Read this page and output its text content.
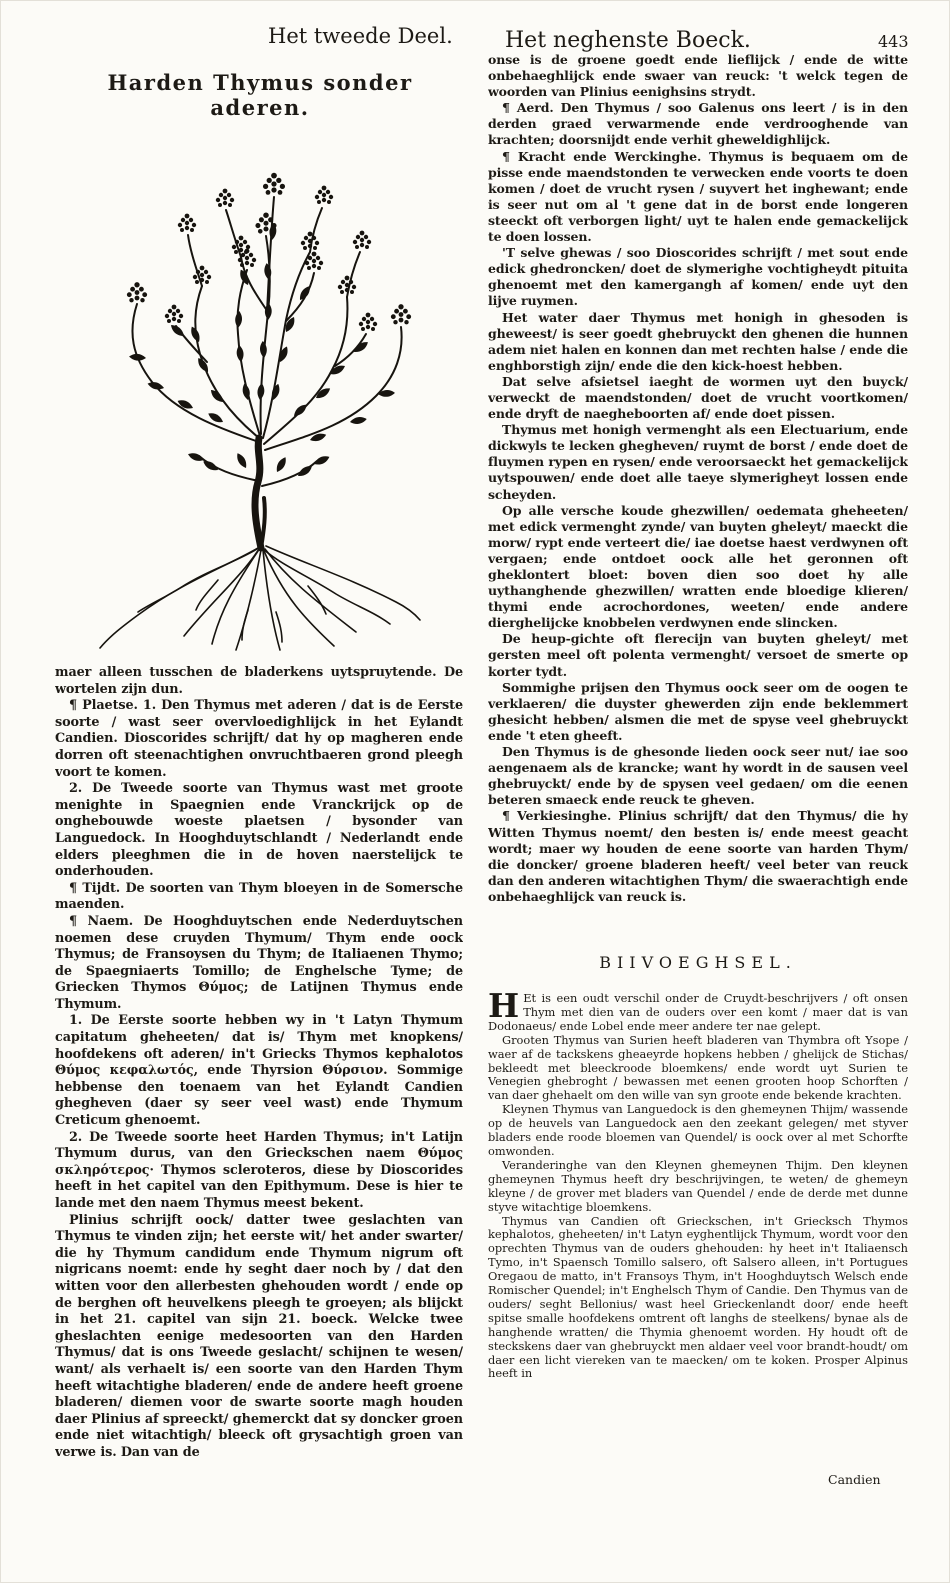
Het tweede Deel. Het neghenste Boeck.	443
Harden Thymus sonder aderen.

maer alleen tusschen de bladerkens uytspruytende. De wortelen zijn dun.

¶ Plaetse. 1. Den Thymus met aderen / dat is de Eerste soorte / wast seer overvloedighlijck in het Eylandt Candien. Dioscorides schrijft/ dat hy op magheren ende dorren oft steenachtighen onvruchtbaeren grond pleegh voort te komen.

2. De Tweede soorte van Thymus wast met groote menighte in Spaegnien ende Vranckrijck op de onghebouwde woeste plaetsen / bysonder van Languedock. In Hooghduytschlandt / Nederlandt ende elders pleeghmen die in de hoven naerstelijck te onderhouden.

¶ Tijdt. De soorten van Thym bloeyen in de Somersche maenden.

¶ Naem. De Hooghduytschen ende Nederduytschen noemen dese cruyden Thymum/ Thym ende oock Thymus; de Fransoysen du Thym; de Italiaenen Thymo; de Spaegniaerts Tomillo; de Enghelsche Tyme; de Griecken Thymos Θύμος; de Latijnen Thymus ende Thymum.

1. De Eerste soorte hebben wy in 't Latyn Thymum capitatum gheheeten/ dat is/ Thym met knopkens/ hoofdekens oft aderen/ in't Griecks Thymos kephalotos Θύμος κεφαλωτός, ende Thyrsion Θύρσιον. Sommige hebbense den toenaem van het Eylandt Candien ghegheven (daer sy seer veel wast) ende Thymum Creticum ghenoemt.

2. De Tweede soorte heet Harden Thymus; in't Latijn Thymum durus, van den Grieckschen naem Θύμος σκληρότερος· Thymos scleroteros, diese by Dioscorides heeft in het capitel van den Epithymum. Dese is hier te lande met den naem Thymus meest bekent.

Plinius schrijft oock/ datter twee geslachten van Thymus te vinden zijn; het eerste wit/ het ander swarter/ die hy Thymum candidum ende Thymum nigrum oft nigricans noemt: ende hy seght daer noch by / dat den witten voor den allerbesten ghehouden wordt / ende op de berghen oft heuvelkens pleegh te groeyen; als blijckt in het 21. capitel van sijn 21. boeck. Welcke twee gheslachten eenige medesoorten van den Harden Thymus/ dat is ons Tweede geslacht/ schijnen te wesen/ want/ als verhaelt is/ een soorte van den Harden Thym heeft witachtighe bladeren/ ende de andere heeft groene bladeren/ diemen voor de swarte soorte magh houden daer Plinius af spreeckt/ ghemerckt dat sy doncker groen ende niet witachtigh/ bleeck oft grysachtigh groen van verwe is. Dan van de

onse is de groene goedt ende lieflijck / ende de witte onbehaeghlijck ende swaer van reuck: 't welck tegen de woorden van Plinius eenighsins strydt.

¶ Aerd. Den Thymus / soo Galenus ons leert / is in den derden graed verwarmende ende verdrooghende van krachten; doorsnijdt ende verhit gheweldighlijck.

¶ Kracht ende Werckinghe. Thymus is bequaem om de pisse ende maendstonden te verwecken ende voorts te doen komen / doet de vrucht rysen / suyvert het inghewant; ende is seer nut om al 't gene dat in de borst ende longeren steeckt oft verborgen light/ uyt te halen ende gemackelijck te doen lossen.

'T selve ghewas / soo Dioscorides schrijft / met sout ende edick ghedroncken/ doet de slymerighe vochtigheydt pituita ghenoemt met den kamergangh af komen/ ende uyt den lijve ruymen.

Het water daer Thymus met honigh in ghesoden is gheweest/ is seer goedt ghebruyckt den ghenen die hunnen adem niet halen en konnen dan met rechten halse / ende die enghborstigh zijn/ ende die den kick-hoest hebben.

Dat selve afsietsel iaeght de wormen uyt den buyck/ verweckt de maendstonden/ doet de vrucht voortkomen/ ende dryft de naegheboorten af/ ende doet pissen.

Thymus met honigh vermenght als een Electuarium, ende dickwyls te lecken ghegheven/ ruymt de borst / ende doet de fluymen rypen en rysen/ ende veroorsaeckt het gemackelijck uytspouwen/ ende doet alle taeye slymerigheyt lossen ende scheyden.

Op alle versche koude ghezwillen/ oedemata gheheeten/ met edick vermenght zynde/ van buyten gheleyt/ maeckt die morw/ rypt ende verteert die/ iae doetse haest verdwynen oft vergaen; ende ontdoet oock alle het geronnen oft gheklontert bloet: boven dien soo doet hy alle uythanghende ghezwillen/ wratten ende bloedige klieren/ thymi ende acrochordones, weeten/ ende andere dierghelijcke knobbelen verdwynen ende slincken.

De heup-gichte oft flerecijn van buyten gheleyt/ met gersten meel oft polenta vermenght/ versoet de smerte op korter tydt.

Sommighe prijsen den Thymus oock seer om de oogen te verklaeren/ die duyster ghewerden zijn ende beklemmert ghesicht hebben/ alsmen die met de spyse veel ghebruyckt ende 't eten gheeft.

Den Thymus is de ghesonde lieden oock seer nut/ iae soo aengenaem als de krancke; want hy wordt in de sausen veel ghebruyckt/ ende by de spysen veel gedaen/ om die eenen beteren smaeck ende reuck te gheven.

¶ Verkiesinghe. Plinius schrijft/ dat den Thymus/ die hy Witten Thymus noemt/ den besten is/ ende meest geacht wordt; maer wy houden de eene soorte van harden Thym/ die doncker/ groene bladeren heeft/ veel beter van reuck dan den anderen witachtighen Thym/ die swaerachtigh ende onbehaeghlijck van reuck is.

BIIVOEGHSEL.

H Et is een oudt verschil onder de Cruydt-beschrijvers / oft onsen Thym met dien van de ouders over een komt / maer dat is van Dodonaeus/ ende Lobel ende meer andere ter nae gelept.

Grooten Thymus van Surien heeft bladeren van Thymbra oft Ysope / waer af de tackskens gheaeyrde hopkens hebben / ghelijck de Stichas/ bekleedt met bleeckroode bloemkens/ ende wordt uyt Surien te Venegien ghebroght / bewassen met eenen grooten hoop Schorften / van daer ghehaelt om den wille van syn groote ende bekende krachten.

Kleynen Thymus van Languedock is den ghemeynen Thijm/ wassende op de heuvels van Languedock aen den zeekant gelegen/ met styver bladers ende roode bloemen van Quendel/ is oock over al met Schorfte omwonden.

Veranderinghe van den Kleynen ghemeynen Thijm. Den kleynen ghemeynen Thymus heeft dry beschrijvingen, te weten/ de ghemeyn kleyne / de grover met bladers van Quendel / ende de derde met dunne styve witachtige bloemkens.

Thymus van Candien oft Grieckschen, in't Griecksch Thymos kephalotos, gheheeten/ in't Latyn eyghentlijck Thymum, wordt voor den oprechten Thymus van de ouders ghehouden: hy heet in't Italiaensch Tymo, in't Spaensch Tomillo salsero, oft Salsero alleen, in't Portugues Oregaou de matto, in't Fransoys Thym, in't Hooghduytsch Welsch ende Romischer Quendel; in't Enghelsch Thym of Candie. Den Thymus van de ouders/ seght Bellonius/ wast heel Grieckenlandt door/ ende heeft spitse smalle hoofdekens omtrent oft langhs de steelkens/ bynae als de hanghende wratten/ die Thymia ghenoemt worden. Hy houdt oft de steckskens daer van ghebruyckt men aldaer veel voor brandt-houdt/ om daer een licht viereken van te maecken/ om te koken. Prosper Alpinus heeft in

Candien
